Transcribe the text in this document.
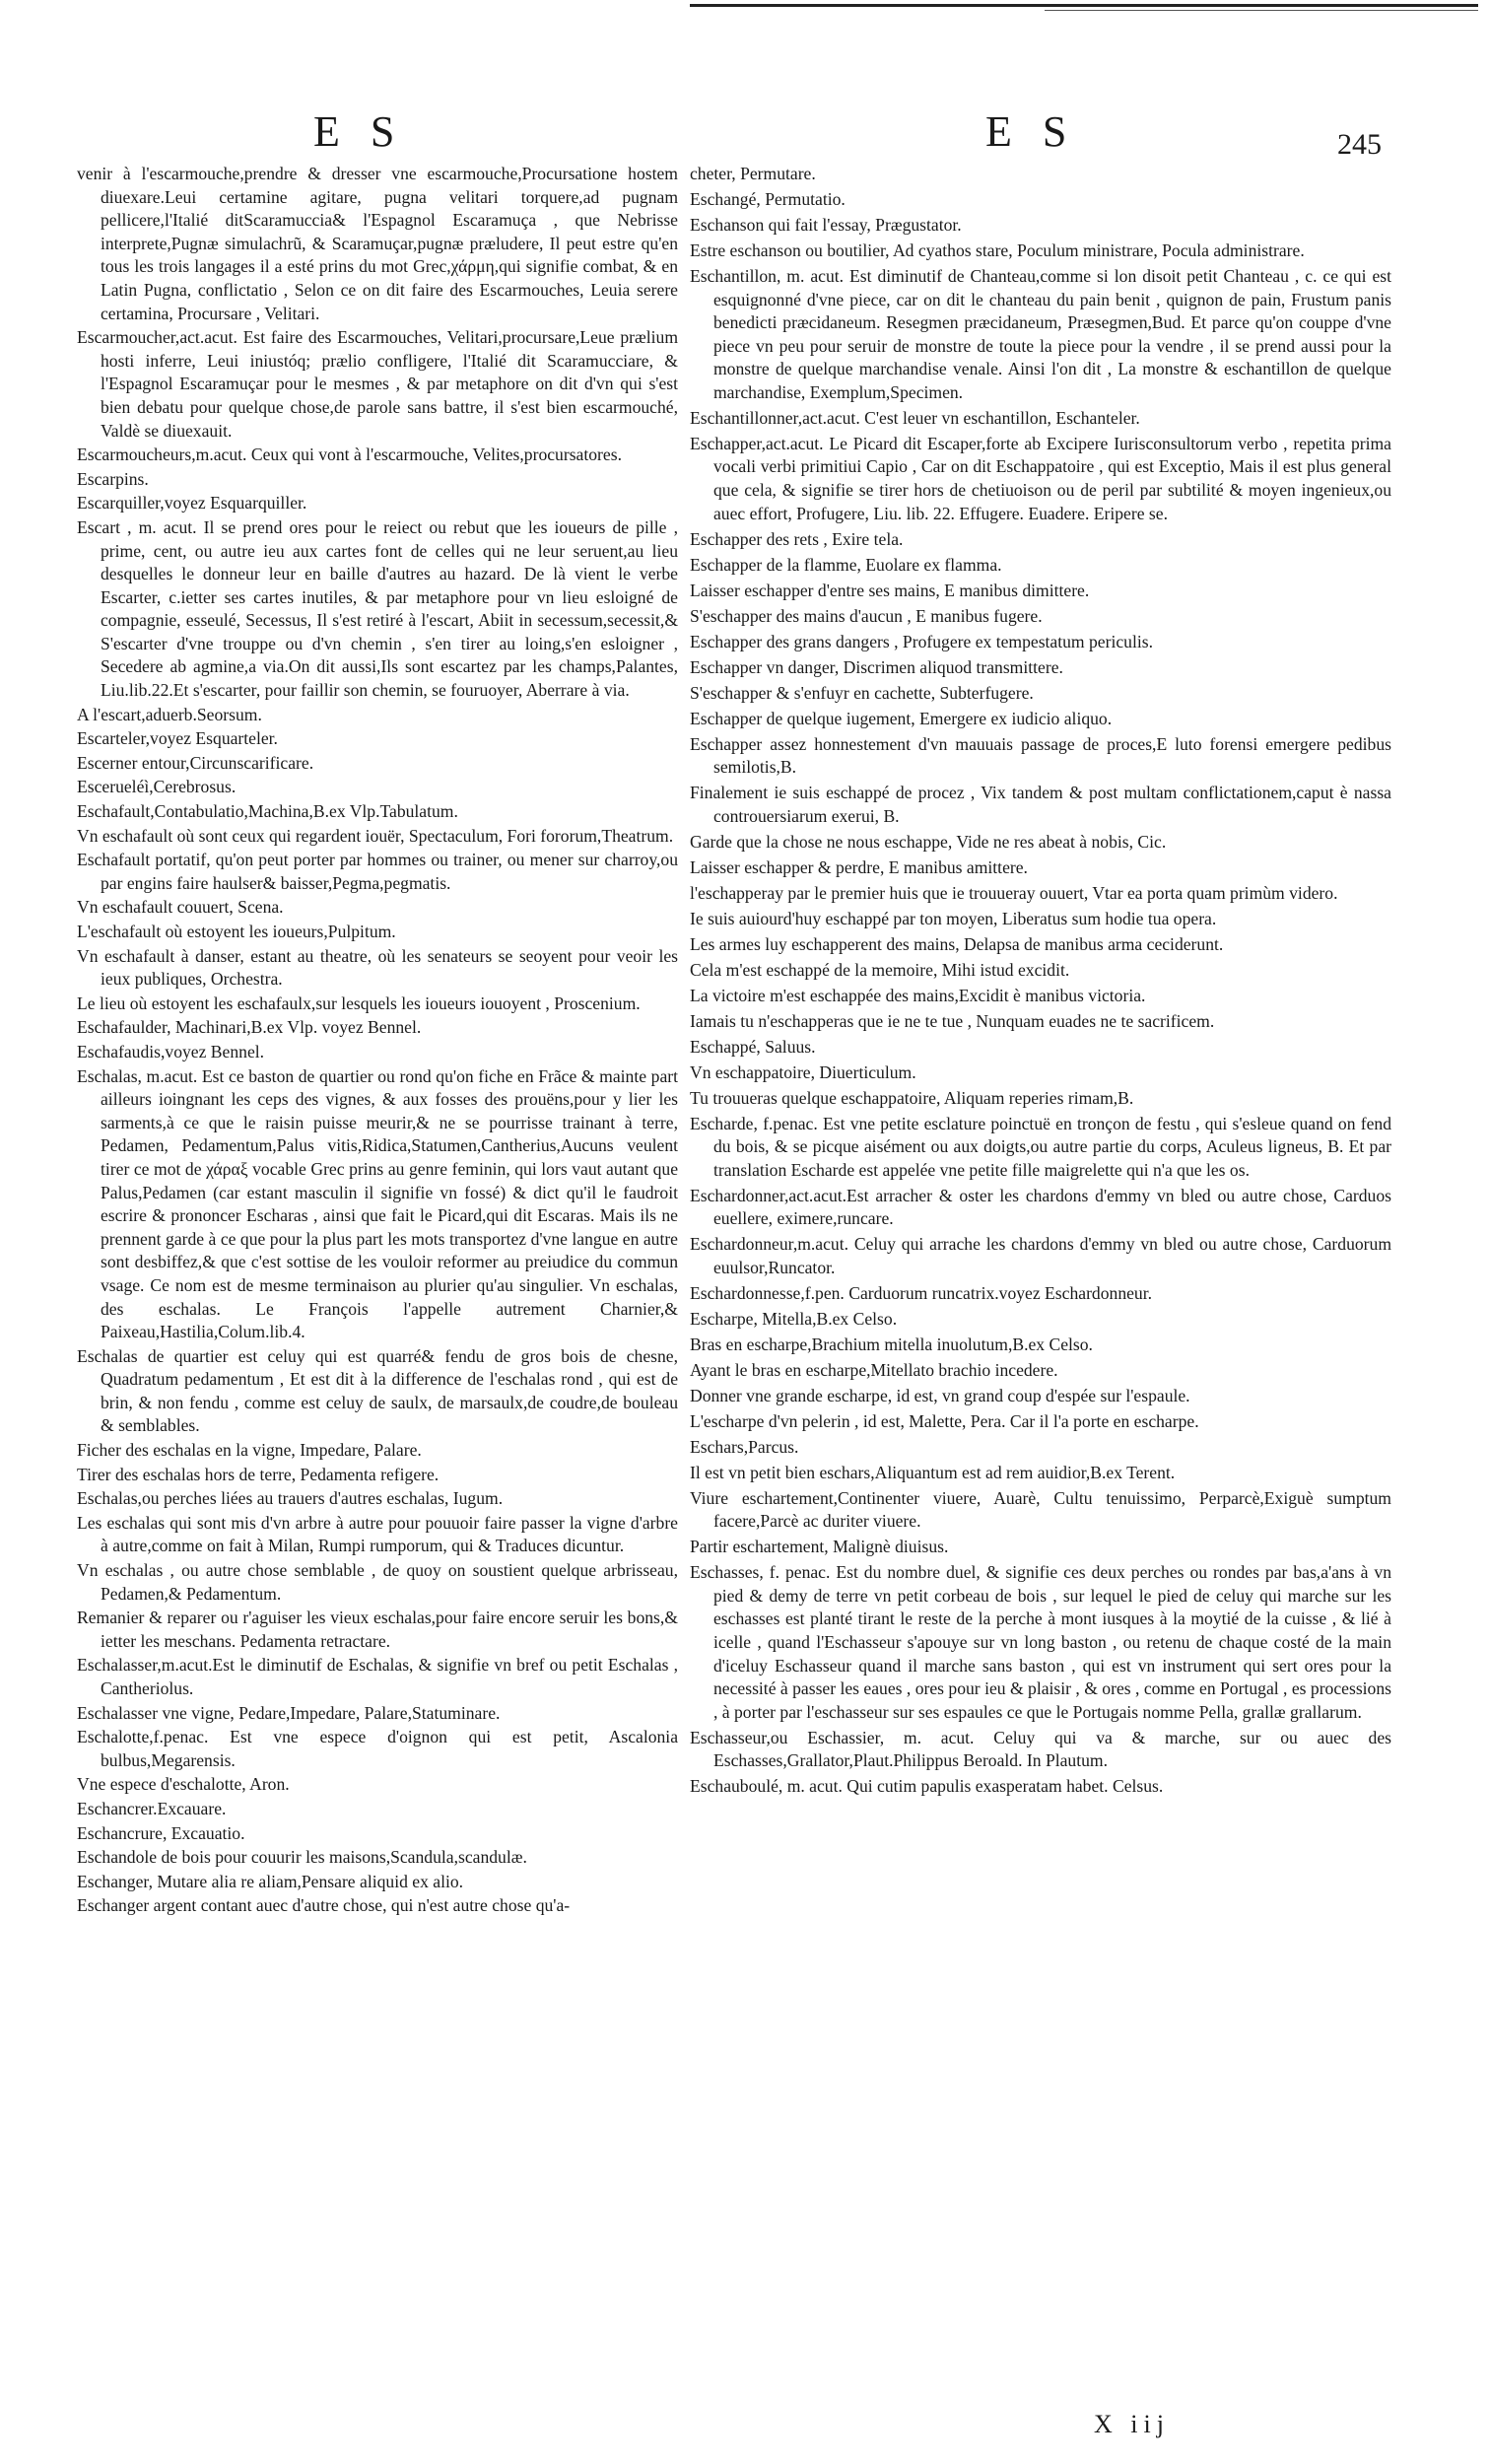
E S	E S	245
venir à l'escarmouche,prendre & dresser vne escarmouche,Procursatione hostem diuexare.Leui certamine agitare, pugna velitari torquere,ad pugnam pellicere,l'Italié ditScaramuccia& l'Espagnol Escaramuça , que Nebrisse interprete,Pugnæ simulachrũ, & Scaramuçar,pugnæ præludere, Il peut estre qu'en tous les trois langages il a esté prins du mot Grec,χάρμη,qui signifie combat, & en Latin Pugna, conflictatio , Selon ce on dit faire des Escarmouches, Leuia serere certamina, Procursare , Velitari.
Escarmoucher,act.acut. Est faire des Escarmouches, Velitari,procursare,Leue prælium hosti inferre, Leui iniustóq; prælio confligere, l'Italié dit Scaramucciare, & l'Espagnol Escaramuçar pour le mesmes , & par metaphore on dit d'vn qui s'est bien debatu pour quelque chose,de parole sans battre, il s'est bien escarmouché, Valdè se diuexauit.
Escarmoucheurs,m.acut. Ceux qui vont à l'escarmouche, Velites,procursatores.
Escarpins.
Escarquiller,voyez Esquarquiller.
Escart , m. acut. Il se prend ores pour le reiect ou rebut que les ioueurs de pille , prime, cent, ou autre ieu aux cartes font de celles qui ne leur seruent,au lieu desquelles le donneur leur en baille d'autres au hazard. De là vient le verbe Escarter, c.ietter ses cartes inutiles, & par metaphore pour vn lieu esloigné de compagnie, esseulé, Secessus, Il s'est retiré à l'escart, Abiit in secessum,secessit,& S'escarter d'vne trouppe ou d'vn chemin , s'en tirer au loing,s'en esloigner , Secedere ab agmine,a via.On dit aussi,Ils sont escartez par les champs,Palantes, Liu.lib.22.Et s'escarter, pour faillir son chemin, se fouruoyer, Aberrare à via.
A l'escart,aduerb.Seorsum.
Escarteler,voyez Esquarteler.
Escerner entour,Circunscarificare.
Escerueléì,Cerebrosus.
Eschafault,Contabulatio,Machina,B.ex Vlp.Tabulatum.
Vn eschafault où sont ceux qui regardent iouër, Spectaculum, Fori fororum,Theatrum.
Eschafault portatif, qu'on peut porter par hommes ou trainer, ou mener sur charroy,ou par engins faire haulser& baisser,Pegma,pegmatis.
Vn eschafault couuert, Scena.
L'eschafault où estoyent les ioueurs,Pulpitum.
Vn eschafault à danser, estant au theatre, où les senateurs se seoyent pour veoir les ieux publiques, Orchestra.
Le lieu où estoyent les eschafaulx,sur lesquels les ioueurs iouoyent , Proscenium.
Eschafaulder, Machinari,B.ex Vlp. voyez Bennel.
Eschafaudis,voyez Bennel.
Eschalas, m.acut. Est ce baston de quartier ou rond qu'on fiche en Frãce & mainte part ailleurs ioingnant les ceps des vignes, & aux fosses des prouëns,pour y lier les sarments,à ce que le raisin puisse meurir,& ne se pourrisse trainant à terre, Pedamen, Pedamentum,Palus vitis,Ridica,Statumen,Cantherius,Aucuns veulent tirer ce mot de χάραξ vocable Grec prins au genre feminin, qui lors vaut autant que Palus,Pedamen (car estant masculin il signifie vn fossé) & dict qu'il le faudroit escrire & prononcer Escharas , ainsi que fait le Picard,qui dit Escaras. Mais ils ne prennent garde à ce que pour la plus part les mots transportez d'vne langue en autre sont desbiffez,& que c'est sottise de les vouloir reformer au preiudice du commun vsage. Ce nom est de mesme terminaison au plurier qu'au singulier. Vn eschalas, des eschalas. Le François l'appelle autrement Charnier,& Paixeau,Hastilia,Colum.lib.4.
Eschalas de quartier est celuy qui est quarré& fendu de gros bois de chesne, Quadratum pedamentum , Et est dit à la difference de l'eschalas rond , qui est de brin, & non fendu , comme est celuy de saulx, de marsaulx,de coudre,de bouleau & semblables.
Ficher des eschalas en la vigne, Impedare, Palare.
Tirer des eschalas hors de terre, Pedamenta refigere.
Eschalas,ou perches liées au trauers d'autres eschalas, Iugum.
Les eschalas qui sont mis d'vn arbre à autre pour pouuoir faire passer la vigne d'arbre à autre,comme on fait à Milan, Rumpi rumporum, qui & Traduces dicuntur.
Vn eschalas , ou autre chose semblable , de quoy on soustient quelque arbrisseau, Pedamen,& Pedamentum.
Remanier & reparer ou r'aguiser les vieux eschalas,pour faire encore seruir les bons,& ietter les meschans. Pedamenta retractare.
Eschalasser,m.acut.Est le diminutif de Eschalas, & signifie vn bref ou petit Eschalas , Cantheriolus.
Eschalasser vne vigne, Pedare,Impedare, Palare,Statuminare.
Eschalotte,f.penac. Est vne espece d'oignon qui est petit, Ascalonia bulbus,Megarensis.
Vne espece d'eschalotte, Aron.
Eschancrer.Excauare.
Eschancrure, Excauatio.
Eschandole de bois pour couurir les maisons,Scandula,scandulæ.
Eschanger, Mutare alia re aliam,Pensare aliquid ex alio.
Eschanger argent contant auec d'autre chose, qui n'est autre chose qu'a-
cheter, Permutare.
Eschangé, Permutatio.
Eschanson qui fait l'essay, Prægustator.
Estre eschanson ou boutilier, Ad cyathos stare, Poculum ministrare, Pocula administrare.
Eschantillon, m. acut. Est diminutif de Chanteau,comme si lon disoit petit Chanteau , c. ce qui est esquignonné d'vne piece, car on dit le chanteau du pain benit , quignon de pain, Frustum panis benedicti præcidaneum. Resegmen præcidaneum, Præsegmen,Bud. Et parce qu'on couppe d'vne piece vn peu pour seruir de monstre de toute la piece pour la vendre , il se prend aussi pour la monstre de quelque marchandise venale. Ainsi l'on dit , La monstre & eschantillon de quelque marchandise, Exemplum,Specimen.
Eschantillonner,act.acut. C'est leuer vn eschantillon, Eschanteler.
Eschapper,act.acut. Le Picard dit Escaper,forte ab Excipere Iurisconsultorum verbo , repetita prima vocali verbi primitiui Capio , Car on dit Eschappatoire , qui est Exceptio, Mais il est plus general que cela, & signifie se tirer hors de chetiuoison ou de peril par subtilité & moyen ingenieux,ou auec effort, Profugere, Liu. lib. 22. Effugere. Euadere. Eripere se.
Eschapper des rets , Exire tela.
Eschapper de la flamme, Euolare ex flamma.
Laisser eschapper d'entre ses mains, E manibus dimittere.
S'eschapper des mains d'aucun , E manibus fugere.
Eschapper des grans dangers , Profugere ex tempestatum periculis.
Eschapper vn danger, Discrimen aliquod transmittere.
S'eschapper & s'enfuyr en cachette, Subterfugere.
Eschapper de quelque iugement, Emergere ex iudicio aliquo.
Eschapper assez honnestement d'vn mauuais passage de proces,E luto forensi emergere pedibus semilotis,B.
Finalement ie suis eschappé de procez , Vix tandem & post multam conflictationem,caput è nassa controuersiarum exerui, B.
Garde que la chose ne nous eschappe, Vide ne res abeat à nobis, Cic.
Laisser eschapper & perdre, E manibus amittere.
l'eschapperay par le premier huis que ie trouueray ouuert, Vtar ea porta quam primùm videro.
Ie suis auiourd'huy eschappé par ton moyen, Liberatus sum hodie tua opera.
Les armes luy eschapperent des mains, Delapsa de manibus arma ceciderunt.
Cela m'est eschappé de la memoire, Mihi istud excidit.
La victoire m'est eschappée des mains,Excidit è manibus victoria.
Iamais tu n'eschapperas que ie ne te tue , Nunquam euades ne te sacrificem.
Eschappé, Saluus.
Vn eschappatoire, Diuerticulum.
Tu trouueras quelque eschappatoire, Aliquam reperies rimam,B.
Escharde, f.penac. Est vne petite esclature poinctuë en tronçon de festu , qui s'esleue quand on fend du bois, & se picque aisément ou aux doigts,ou autre partie du corps, Aculeus ligneus, B. Et par translation Escharde est appelée vne petite fille maigrelette qui n'a que les os.
Eschardonner,act.acut.Est arracher & oster les chardons d'emmy vn bled ou autre chose, Carduos euellere, eximere,runcare.
Eschardonneur,m.acut. Celuy qui arrache les chardons d'emmy vn bled ou autre chose, Carduorum euulsor,Runcator.
Eschardonnesse,f.pen. Carduorum runcatrix.voyez Eschardonneur.
Escharpe, Mitella,B.ex Celso.
Bras en escharpe,Brachium mitella inuolutum,B.ex Celso.
Ayant le bras en escharpe,Mitellato brachio incedere.
Donner vne grande escharpe, id est, vn grand coup d'espée sur l'espaule.
L'escharpe d'vn pelerin , id est, Malette, Pera. Car il l'a porte en escharpe.
Eschars,Parcus.
Il est vn petit bien eschars,Aliquantum est ad rem auidior,B.ex Terent.
Viure eschartement,Continenter viuere, Auarè, Cultu tenuissimo, Perparcè,Exiguè sumptum facere,Parcè ac duriter viuere.
Partir eschartement, Malignè diuisus.
Eschasses, f. penac. Est du nombre duel, & signifie ces deux perches ou rondes par bas,a'ans à vn pied & demy de terre vn petit corbeau de bois , sur lequel le pied de celuy qui marche sur les eschasses est planté tirant le reste de la perche à mont iusques à la moytié de la cuisse , & lié à icelle , quand l'Eschasseur s'apouye sur vn long baston , ou retenu de chaque costé de la main d'iceluy Eschasseur quand il marche sans baston , qui est vn instrument qui sert ores pour la necessité à passer les eaues , ores pour ieu & plaisir , & ores , comme en Portugal , es processions , à porter par l'eschasseur sur ses espaules ce que le Portugais nomme Pella, grallæ grallarum.
Eschasseur,ou Eschassier, m. acut. Celuy qui va & marche, sur ou auec des Eschasses,Grallator,Plaut.Philippus Beroald. In Plautum.
Eschauboulé, m. acut. Qui cutim papulis exasperatam habet. Celsus.
X iij
